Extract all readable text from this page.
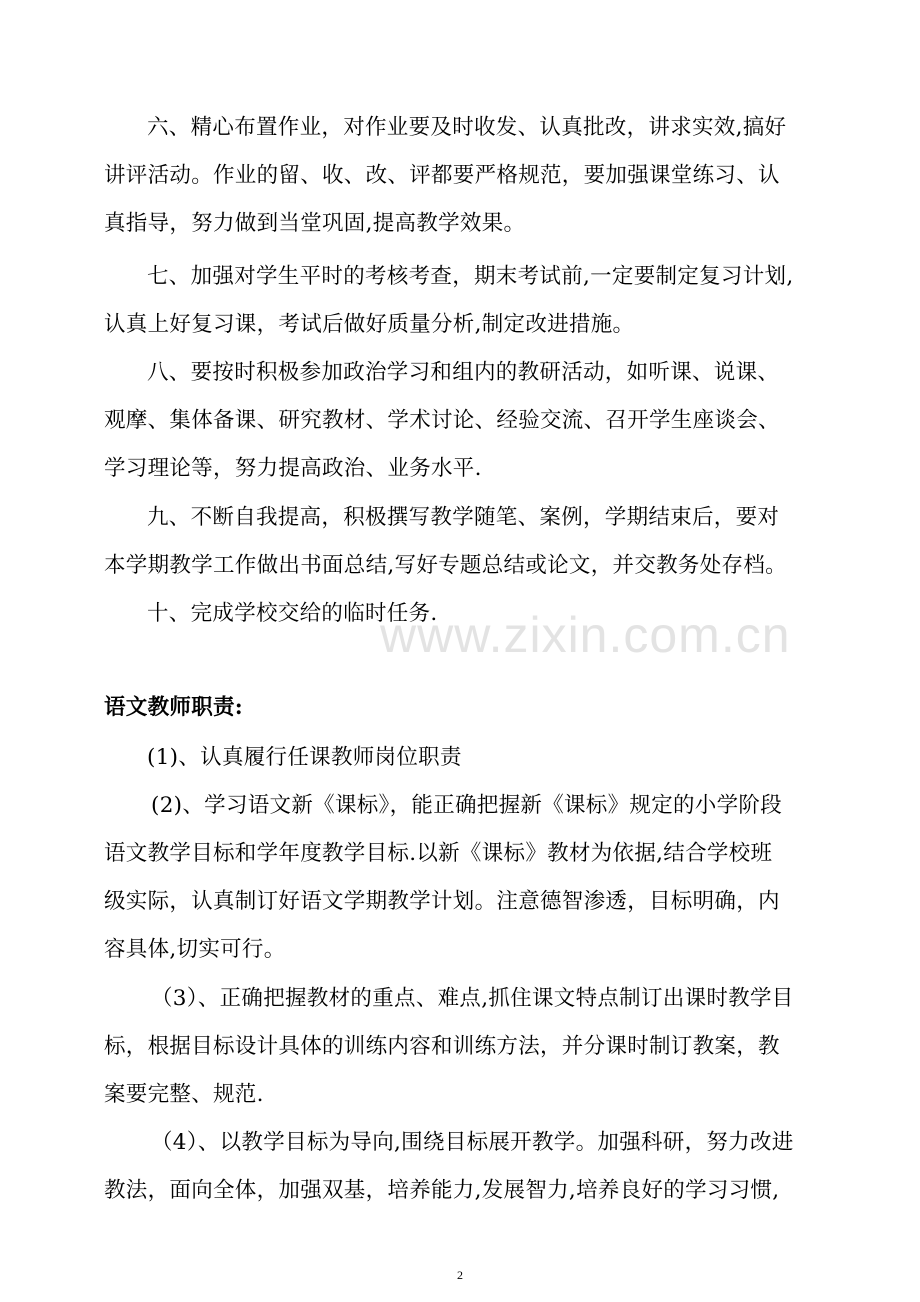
www.zixin.com.cn
六、精心布置作业，对作业要及时收发、认真批改，讲求实效,搞好
讲评活动。作业的留、收、改、评都要严格规范，要加强课堂练习、认
真指导，努力做到当堂巩固,提高教学效果。
七、加强对学生平时的考核考查，期末考试前,一定要制定复习计划,
认真上好复习课，考试后做好质量分析,制定改进措施。
八、要按时积极参加政治学习和组内的教研活动，如听课、说课、
观摩、集体备课、研究教材、学术讨论、经验交流、召开学生座谈会、
学习理论等，努力提高政治、业务水平.
九、不断自我提高，积极撰写教学随笔、案例，学期结束后，要对
本学期教学工作做出书面总结,写好专题总结或论文，并交教务处存档。
十、完成学校交给的临时任务.
语文教师职责:
(1)、认真履行任课教师岗位职责
(2)、学习语文新《课标》，能正确把握新《课标》规定的小学阶段
语文教学目标和学年度教学目标.以新《课标》教材为依据,结合学校班
级实际，认真制订好语文学期教学计划。注意德智渗透，目标明确，内
容具体,切实可行。
（3）、正确把握教材的重点、难点,抓住课文特点制订出课时教学目
标，根据目标设计具体的训练内容和训练方法，并分课时制订教案，教
案要完整、规范.
（4）、以教学目标为导向,围绕目标展开教学。加强科研，努力改进
教法，面向全体，加强双基，培养能力,发展智力,培养良好的学习习惯,
2
